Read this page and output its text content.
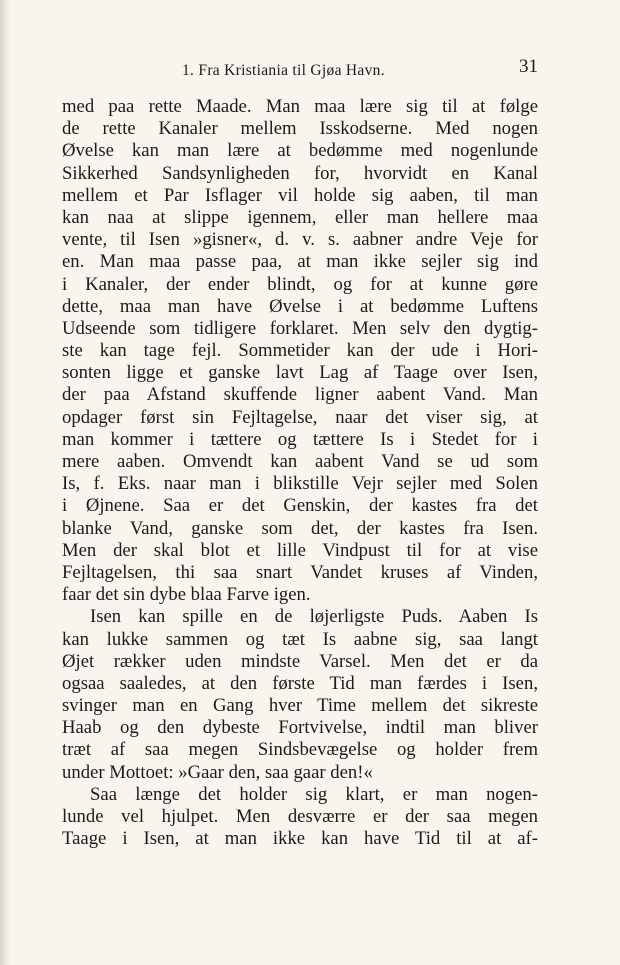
1. Fra Kristiania til Gjøa Havn.	31
med paa rette Maade. Man maa lære sig til at følge
de rette Kanaler mellem Isskodserne. Med nogen
Øvelse kan man lære at bedømme med nogenlunde
Sikkerhed Sandsynligheden for, hvorvidt en Kanal
mellem et Par Isflager vil holde sig aaben, til man
kan naa at slippe igennem, eller man hellere maa
vente, til Isen »gisner«, d. v. s. aabner andre Veje for
en. Man maa passe paa, at man ikke sejler sig ind
i Kanaler, der ender blindt, og for at kunne gøre
dette, maa man have Øvelse i at bedømme Luftens
Udseende som tidligere forklaret. Men selv den dygtig-
ste kan tage fejl. Sommetider kan der ude i Hori-
sonten ligge et ganske lavt Lag af Taage over Isen,
der paa Afstand skuffende ligner aabent Vand. Man
opdager først sin Fejltagelse, naar det viser sig, at
man kommer i tættere og tættere Is i Stedet for i
mere aaben. Omvendt kan aabent Vand se ud som
Is, f. Eks. naar man i blikstille Vejr sejler med Solen
i Øjnene. Saa er det Genskin, der kastes fra det
blanke Vand, ganske som det, der kastes fra Isen.
Men der skal blot et lille Vindpust til for at vise
Fejltagelsen, thi saa snart Vandet kruses af Vinden,
faar det sin dybe blaa Farve igen.
Isen kan spille en de løjerligste Puds. Aaben Is
kan lukke sammen og tæt Is aabne sig, saa langt
Øjet rækker uden mindste Varsel. Men det er da
ogsaa saaledes, at den første Tid man færdes i Isen,
svinger man en Gang hver Time mellem det sikreste
Haab og den dybeste Fortvivelse, indtil man bliver
træt af saa megen Sindsbevægelse og holder frem
under Mottoet: »Gaar den, saa gaar den!«
Saa længe det holder sig klart, er man nogen-
lunde vel hjulpet. Men desværre er der saa megen
Taage i Isen, at man ikke kan have Tid til at af-
